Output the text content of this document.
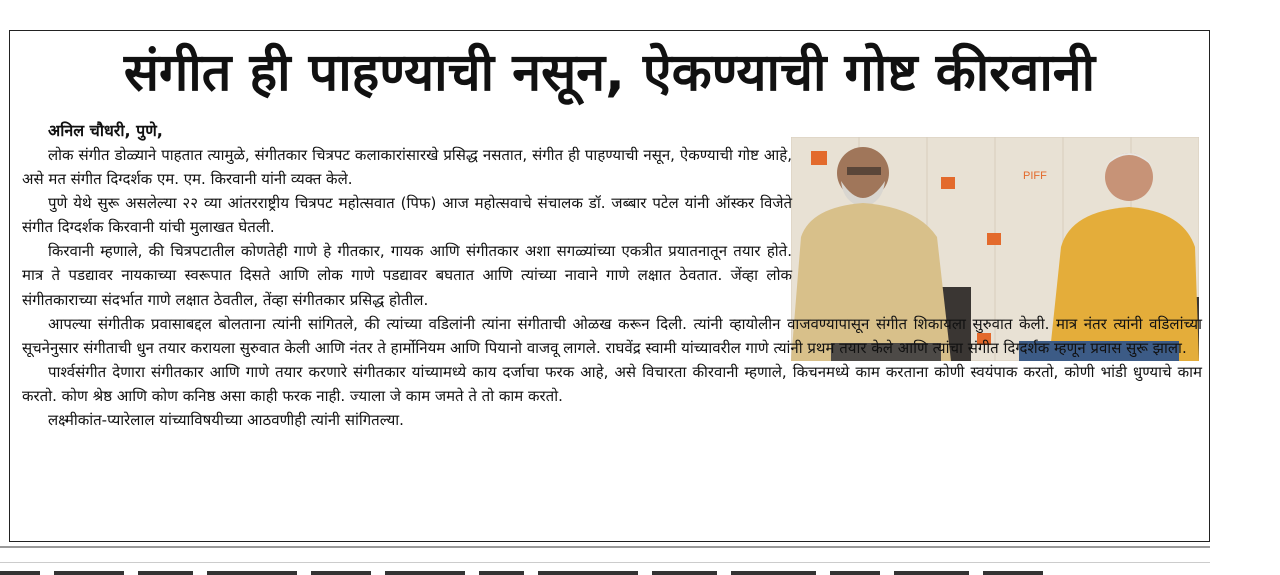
संगीत ही पाहण्याची नसून, ऐकण्याची गोष्ट कीरवानी
अनिल चौधरी, पुणे,
PIFF

लोक संगीत डोळ्याने पाहतात त्यामुळे, संगीतकार चित्रपट कलाकारांसारखे प्रसिद्ध नसतात, संगीत ही पाहण्याची नसून, ऐकण्याची गोष्ट आहे, असे मत संगीत दिग्दर्शक एम. एम. किरवानी यांनी व्यक्त केले.

पुणे येथे सुरू असलेल्या २२ व्या आंतरराष्ट्रीय चित्रपट महोत्सवात (पिफ) आज महोत्सवाचे संचालक डॉ. जब्बार पटेल यांनी ऑस्कर विजेते संगीत दिग्दर्शक किरवानी यांची मुलाखत घेतली.

किरवानी म्हणाले, की चित्रपटातील कोणतेही गाणे हे गीतकार, गायक आणि संगीतकार अशा सगळ्यांच्या एकत्रीत प्रयातनातून तयार होते. मात्र ते पडद्यावर नायकाच्या स्वरूपात दिसते आणि लोक गाणे पडद्यावर बघतात आणि त्यांच्या नावाने गाणे लक्षात ठेवतात. जेंव्हा लोक संगीतकाराच्या संदर्भात गाणे लक्षात ठेवतील, तेंव्हा संगीतकार प्रसिद्ध होतील.

आपल्या संगीतीक प्रवासाबद्दल बोलताना त्यांनी सांगितले, की त्यांच्या वडिलांनी त्यांना संगीताची ओळख करून दिली. त्यांनी व्हायोलीन वाजवण्यापासून संगीत शिकायला सुरुवात केली. मात्र नंतर त्यांनी वडिलांच्या सूचनेनुसार संगीताची धुन तयार करायला सुरुवात केली आणि नंतर ते हार्मोनियम आणि पियानो वाजवू लागले. राघवेंद्र स्वामी यांच्यावरील गाणे त्यांनी प्रथम तयार केले आणि त्यांचा संगीत दिग्दर्शक म्हणून प्रवास सुरू झाला.

पार्श्वसंगीत देणारा संगीतकार आणि गाणे तयार करणारे संगीतकार यांच्यामध्ये काय दर्जाचा फरक आहे, असे विचारता कीरवानी म्हणाले, किचनमध्ये काम करताना कोणी स्वयंपाक करतो, कोणी भांडी धुण्याचे काम करतो. कोण श्रेष्ठ आणि कोण कनिष्ठ असा काही फरक नाही. ज्याला जे काम जमते ते तो काम करतो.

लक्ष्मीकांत-प्यारेलाल यांच्याविषयीच्या आठवणीही त्यांनी सांगितल्या.
